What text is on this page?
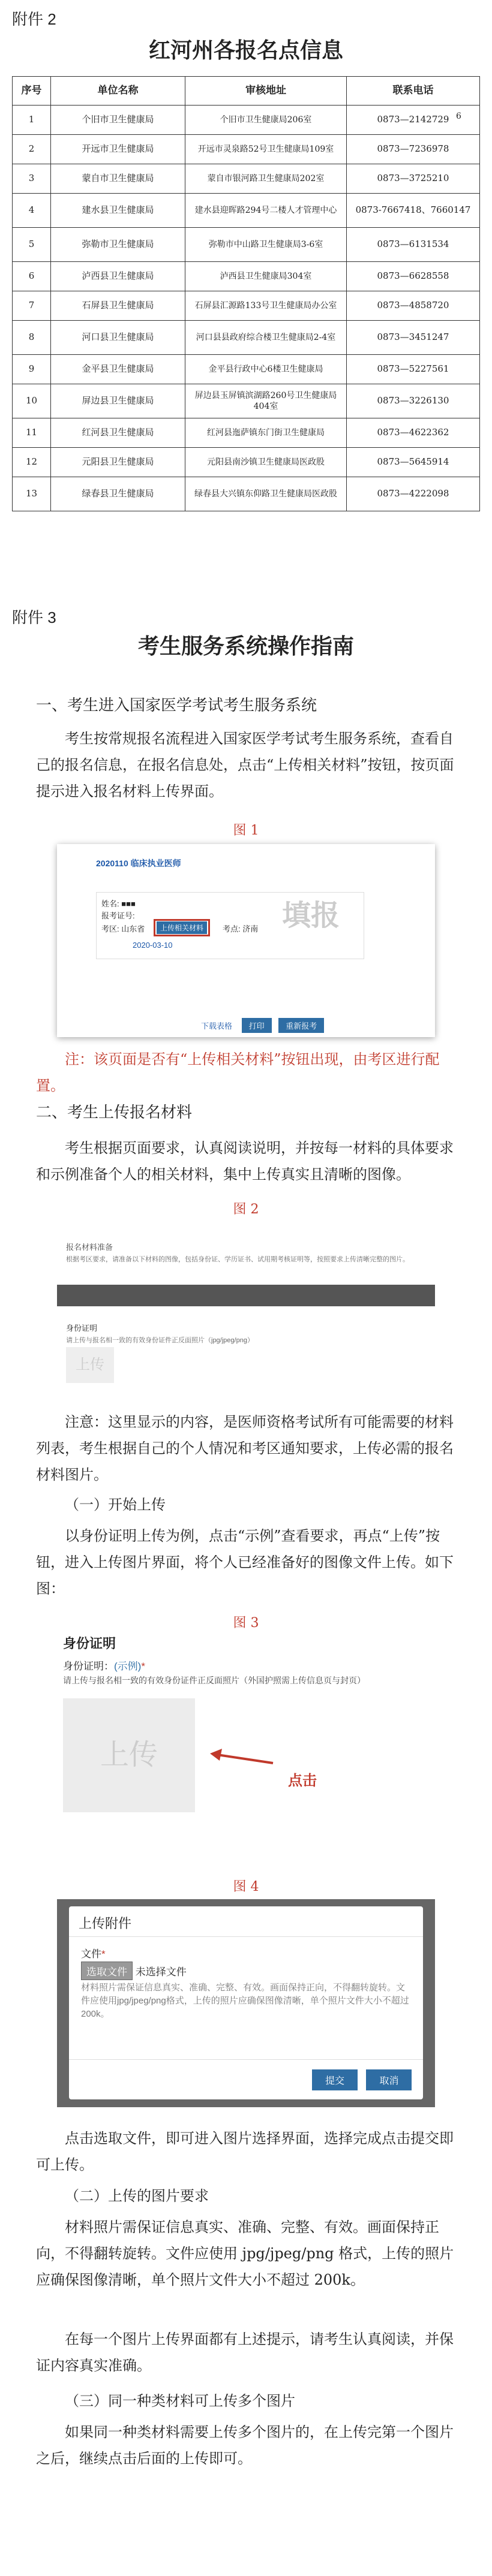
附件 2
红河州各报名点信息
序号	单位名称	审核地址	联系电话
1	个旧市卫生健康局	个旧市卫生健康局206室	0873—2142729
2	开远市卫生健康局	开远市灵泉路52号卫生健康局109室	0873—7236978
3	蒙自市卫生健康局	蒙自市银河路卫生健康局202室	0873—3725210
4	建水县卫生健康局	建水县迎晖路294号二楼人才管理中心	0873-7667418、7660147
5	弥勒市卫生健康局	弥勒市中山路卫生健康局3-6室	0873—6131534
6	泸西县卫生健康局	泸西县卫生健康局304室	0873—6628558
7	石屏县卫生健康局	石屏县汇源路133号卫生健康局办公室	0873—4858720
8	河口县卫生健康局	河口县县政府综合楼卫生健康局2-4室	0873—3451247
9	金平县卫生健康局	金平县行政中心6楼卫生健康局	0873—5227561
10	屏边县卫生健康局	屏边县玉屏镇滨湖路260号卫生健康局404室	0873—3226130
11	红河县卫生健康局	红河县迤萨镇东门街卫生健康局	0873—4622362
12	元阳县卫生健康局	元阳县南沙镇卫生健康局医政股	0873—5645914
13	绿春县卫生健康局	绿春县大兴镇东仰路卫生健康局医政股	0873—4222098
6
附件 3
考生服务系统操作指南
一、考生进入国家医学考试考生服务系统

考生按常规报名流程进入国家医学考试考生服务系统，查看自己的报名信息，在报名信息处，点击“上传相关材料”按钮，按页面提示进入报名材料上传界面。

图 1
2020110 临床执业医师
姓名: ■■■
报考证号:
考区: 山东省	上传相关材料	考点: 济南
2020-03-10
填报
下载表格 打印	重新报考

注：该页面是否有“上传相关材料”按钮出现，由考区进行配置。

二、考生上传报名材料

考生根据页面要求，认真阅读说明，并按每一材料的具体要求和示例准备个人的相关材料，集中上传真实且清晰的图像。

图 2
报名材料准备
根据考区要求，请准备以下材料的图像，包括身份证、学历证书、试用期考核证明等，按照要求上传清晰完整的图片。
身份证明
请上传与报名相一致的有效身份证件正反面照片（jpg/jpeg/png）
上传

注意：这里显示的内容，是医师资格考试所有可能需要的材料列表，考生根据自己的个人情况和考区通知要求，上传必需的报名材料图片。

（一）开始上传

以身份证明上传为例，点击“示例”查看要求，再点“上传”按钮，进入上传图片界面，将个人已经准备好的图像文件上传。如下图：

图 3
身份证明
身份证明：(示例)*
请上传与报名相一致的有效身份证件正反面照片（外国护照需上传信息页与封页）
上传
点击
图 4
上传附件
文件*
选取文件 未选择文件
材料照片需保证信息真实、准确、完整、有效。画面保持正向，不得翻转旋转。文件应使用jpg/jpeg/png格式，上传的照片应确保图像清晰，单个照片文件大小不超过200k。
提交	取消

点击选取文件，即可进入图片选择界面，选择完成点击提交即可上传。

（二）上传的图片要求

材料照片需保证信息真实、准确、完整、有效。画面保持正向，不得翻转旋转。文件应使用 jpg/jpeg/png 格式，上传的照片应确保图像清晰，单个照片文件大小不超过 200k。

在每一个图片上传界面都有上述提示，请考生认真阅读，并保证内容真实准确。

（三）同一种类材料可上传多个图片

如果同一种类材料需要上传多个图片的，在上传完第一个图片之后，继续点击后面的上传即可。
